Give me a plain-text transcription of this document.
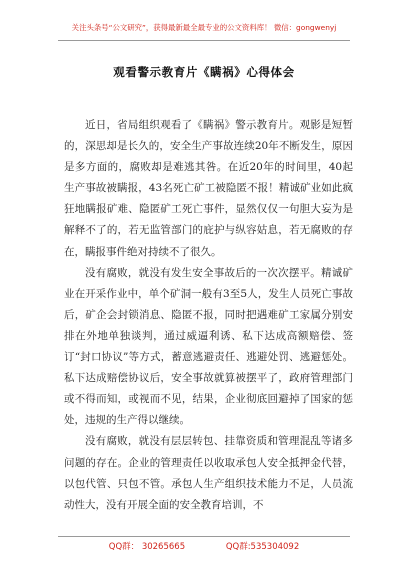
关注头条号“公文研究”，获得最新最全最专业的公文资料库！ 微信：gongwenyj
观看警示教育片《瞒祸》心得体会

近日，省局组织观看了《瞒祸》警示教育片。观影是短暂的，深思却是长久的，安全生产事故连续20年不断发生，原因是多方面的，腐败却是难逃其咎。在近20年的时间里，40起生产事故被瞒报，43名死亡矿工被隐匿不报！精诚矿业如此疯狂地瞒报矿难、隐匿矿工死亡事件，显然仅仅一句胆大妄为是解释不了的，若无监管部门的庇护与纵容姑息，若无腐败的存在，瞒报事件绝对持续不了很久。

没有腐败，就没有发生安全事故后的一次次摆平。精诚矿业在开采作业中，单个矿洞一般有3至5人，发生人员死亡事故后，矿企会封锁消息、隐匿不报，同时把遇难矿工家属分别安排在外地单独谈判，通过威逼利诱、私下达成高额赔偿、签订“封口协议”等方式，蓄意逃避责任、逃避处罚、逃避惩处。私下达成赔偿协议后，安全事故就算被摆平了，政府管理部门或不得而知，或视而不见，结果，企业彻底回避掉了国家的惩处，违规的生产得以继续。

没有腐败，就没有层层转包、挂靠资质和管理混乱等诸多问题的存在。企业的管理责任以收取承包人安全抵押金代替，以包代管、只包不管。承包人生产组织技术能力不足，人员流动性大，没有开展全面的安全教育培训，不

QQ群： 30265665	QQ群:535304092
